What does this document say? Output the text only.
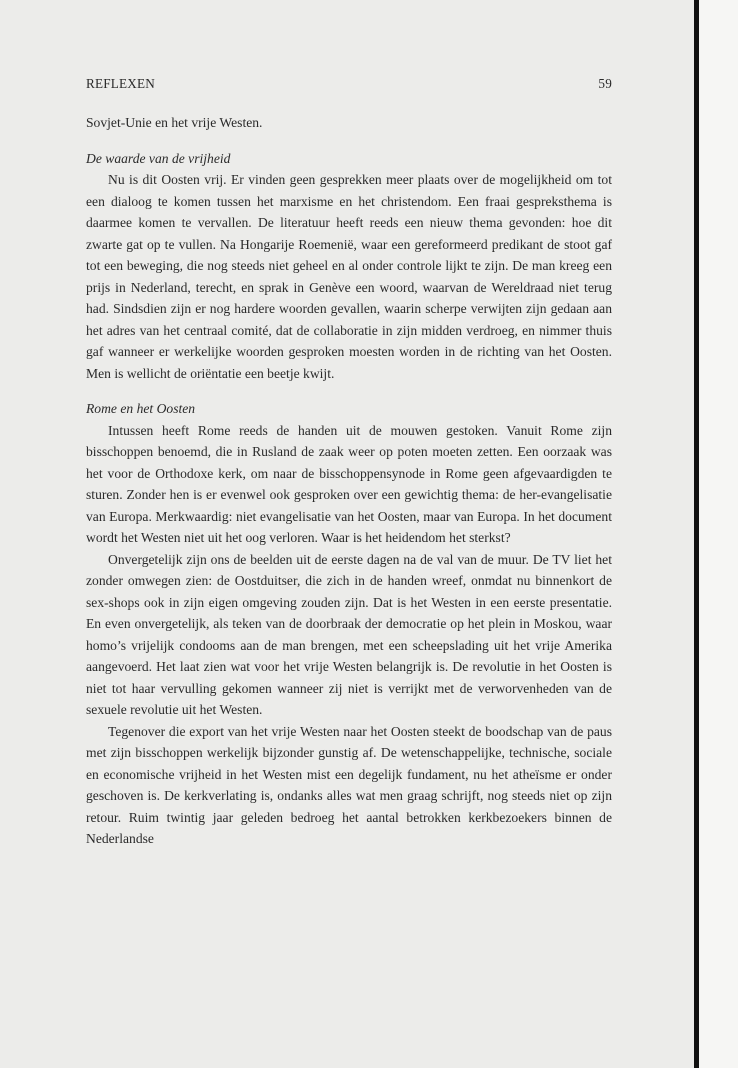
REFLEXEN	59

Sovjet-Unie en het vrije Westen.

De waarde van de vrijheid

Nu is dit Oosten vrij. Er vinden geen gesprekken meer plaats over de mogelijkheid om tot een dialoog te komen tussen het marxisme en het christendom. Een fraai gespreksthema is daarmee komen te vervallen. De literatuur heeft reeds een nieuw thema gevonden: hoe dit zwarte gat op te vullen. Na Hongarije Roemenië, waar een gereformeerd predikant de stoot gaf tot een beweging, die nog steeds niet geheel en al onder controle lijkt te zijn. De man kreeg een prijs in Nederland, terecht, en sprak in Genève een woord, waarvan de Wereldraad niet terug had. Sindsdien zijn er nog hardere woorden gevallen, waarin scherpe verwijten zijn gedaan aan het adres van het centraal comité, dat de collaboratie in zijn midden verdroeg, en nimmer thuis gaf wanneer er werkelijke woorden gesproken moesten worden in de richting van het Oosten. Men is wellicht de oriëntatie een beetje kwijt.

Rome en het Oosten

Intussen heeft Rome reeds de handen uit de mouwen gestoken. Vanuit Rome zijn bisschoppen benoemd, die in Rusland de zaak weer op poten moeten zetten. Een oorzaak was het voor de Orthodoxe kerk, om naar de bisschoppensynode in Rome geen afgevaardigden te sturen. Zonder hen is er evenwel ook gesproken over een gewichtig thema: de her-evangelisatie van Europa. Merkwaardig: niet evangelisatie van het Oosten, maar van Europa. In het document wordt het Westen niet uit het oog verloren. Waar is het heidendom het sterkst?

Onvergetelijk zijn ons de beelden uit de eerste dagen na de val van de muur. De TV liet het zonder omwegen zien: de Oostduitser, die zich in de handen wreef, onmdat nu binnenkort de sex-shops ook in zijn eigen omgeving zouden zijn. Dat is het Westen in een eerste presentatie. En even onvergetelijk, als teken van de doorbraak der democratie op het plein in Moskou, waar homo’s vrijelijk condooms aan de man brengen, met een scheepslading uit het vrije Amerika aangevoerd. Het laat zien wat voor het vrije Westen belangrijk is. De revolutie in het Oosten is niet tot haar vervulling gekomen wanneer zij niet is verrijkt met de verworvenheden van de sexuele revolutie uit het Westen.

Tegenover die export van het vrije Westen naar het Oosten steekt de boodschap van de paus met zijn bisschoppen werkelijk bijzonder gunstig af. De wetenschappelijke, technische, sociale en economische vrijheid in het Westen mist een degelijk fundament, nu het atheïsme er onder geschoven is. De kerkverlating is, ondanks alles wat men graag schrijft, nog steeds niet op zijn retour. Ruim twintig jaar geleden bedroeg het aantal betrokken kerkbezoekers binnen de Nederlandse
